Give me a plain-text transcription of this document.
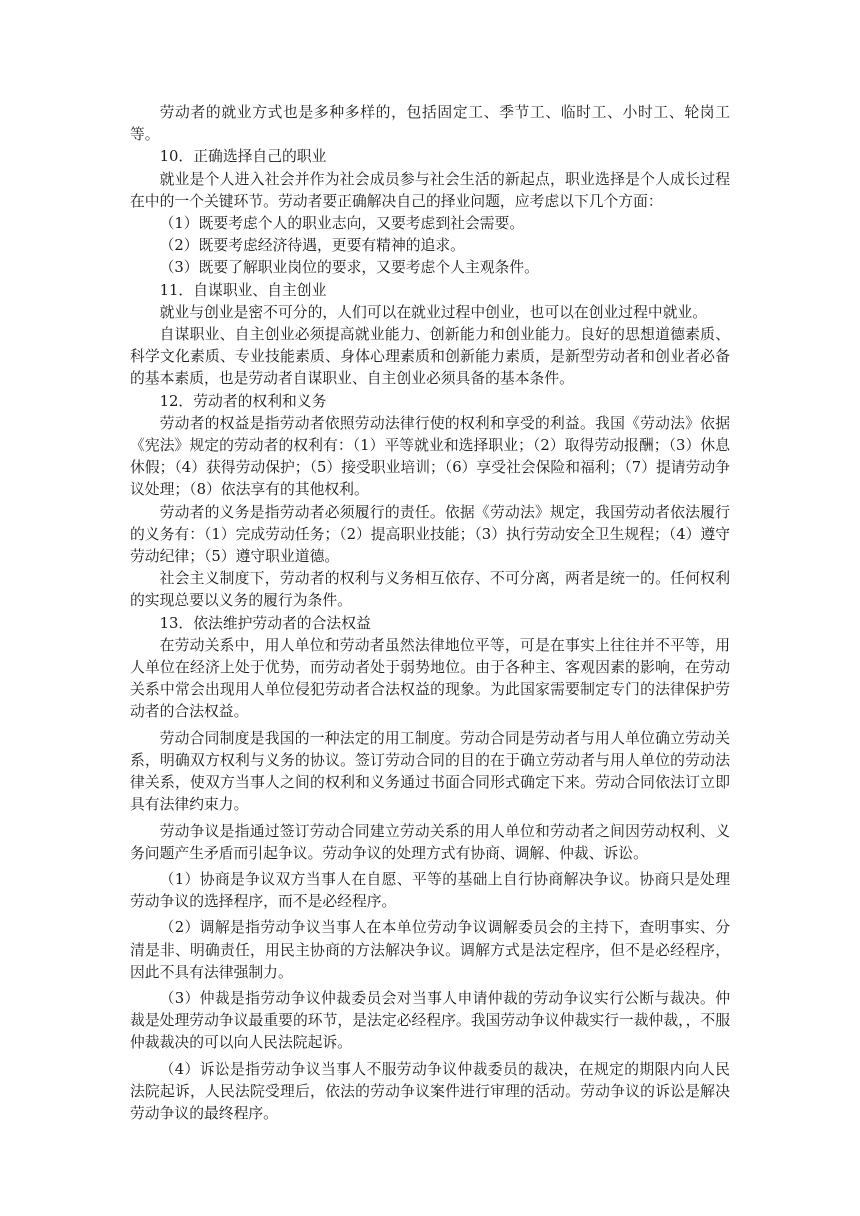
劳动者的就业方式也是多种多样的，包括固定工、季节工、临时工、小时工、轮岗工等。

10．正确选择自己的职业

就业是个人进入社会并作为社会成员参与社会生活的新起点，职业选择是个人成长过程在中的一个关键环节。劳动者要正确解决自己的择业问题，应考虑以下几个方面：

（1）既要考虑个人的职业志向，又要考虑到社会需要。

（2）既要考虑经济待遇，更要有精神的追求。

（3）既要了解职业岗位的要求，又要考虑个人主观条件。

11．自谋职业、自主创业

就业与创业是密不可分的，人们可以在就业过程中创业，也可以在创业过程中就业。

自谋职业、自主创业必须提高就业能力、创新能力和创业能力。良好的思想道德素质、科学文化素质、专业技能素质、身体心理素质和创新能力素质，是新型劳动者和创业者必备的基本素质，也是劳动者自谋职业、自主创业必须具备的基本条件。

12．劳动者的权利和义务

劳动者的权益是指劳动者依照劳动法律行使的权利和享受的利益。我国《劳动法》依据《宪法》规定的劳动者的权利有：（1）平等就业和选择职业；（2）取得劳动报酬；（3）休息休假；（4）获得劳动保护；（5）接受职业培训；（6）享受社会保险和福利；（7）提请劳动争议处理；（8）依法享有的其他权利。

劳动者的义务是指劳动者必须履行的责任。依据《劳动法》规定，我国劳动者依法履行的义务有：（1）完成劳动任务；（2）提高职业技能；（3）执行劳动安全卫生规程；（4）遵守劳动纪律；（5）遵守职业道德。

社会主义制度下，劳动者的权利与义务相互依存、不可分离，两者是统一的。任何权利的实现总要以义务的履行为条件。

13．依法维护劳动者的合法权益

在劳动关系中，用人单位和劳动者虽然法律地位平等，可是在事实上往往并不平等，用人单位在经济上处于优势，而劳动者处于弱势地位。由于各种主、客观因素的影响，在劳动关系中常会出现用人单位侵犯劳动者合法权益的现象。为此国家需要制定专门的法律保护劳动者的合法权益。

劳动合同制度是我国的一种法定的用工制度。劳动合同是劳动者与用人单位确立劳动关系，明确双方权利与义务的协议。签订劳动合同的目的在于确立劳动者与用人单位的劳动法律关系，使双方当事人之间的权利和义务通过书面合同形式确定下来。劳动合同依法订立即具有法律约束力。

劳动争议是指通过签订劳动合同建立劳动关系的用人单位和劳动者之间因劳动权利、义务问题产生矛盾而引起争议。劳动争议的处理方式有协商、调解、仲裁、诉讼。

（1）协商是争议双方当事人在自愿、平等的基础上自行协商解决争议。协商只是处理劳动争议的选择程序，而不是必经程序。

（2）调解是指劳动争议当事人在本单位劳动争议调解委员会的主持下，查明事实、分清是非、明确责任，用民主协商的方法解决争议。调解方式是法定程序，但不是必经程序，因此不具有法律强制力。

（3）仲裁是指劳动争议仲裁委员会对当事人申请仲裁的劳动争议实行公断与裁决。仲裁是处理劳动争议最重要的环节，是法定必经程序。我国劳动争议仲裁实行一裁仲裁，，不服仲裁裁决的可以向人民法院起诉。

（4）诉讼是指劳动争议当事人不服劳动争议仲裁委员的裁决，在规定的期限内向人民法院起诉，人民法院受理后，依法的劳动争议案件进行审理的活动。劳动争议的诉讼是解决劳动争议的最终程序。
